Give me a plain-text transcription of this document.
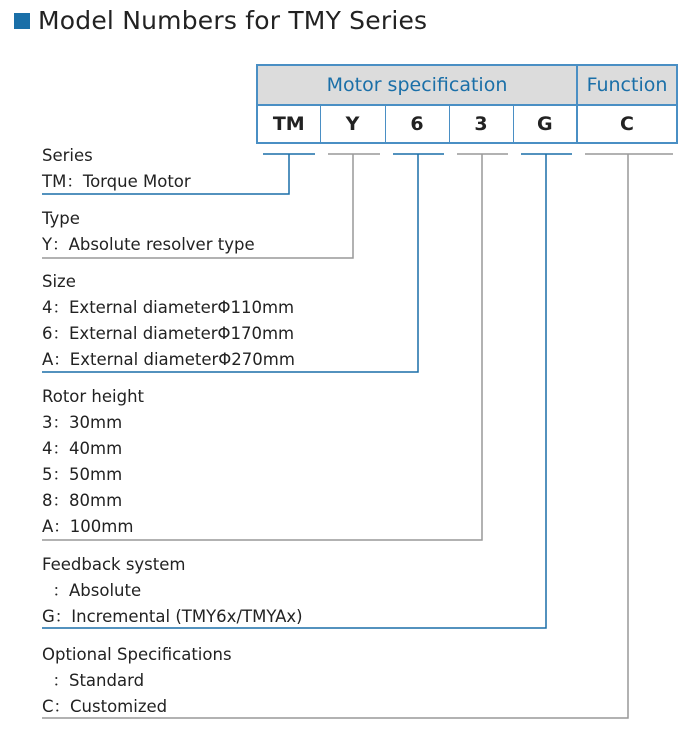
Model Numbers for TMY Series
Motor specification					Function
TM	Y	6	3	G	C
Series
TM：Torque Motor
Type
Y：Absolute resolver type
Size
4：External diameterΦ110mm
6：External diameterΦ170mm
A：External diameterΦ270mm
Rotor height
3：30mm
4：40mm
5：50mm
8：80mm
A：100mm
Feedback system
：Absolute
G：Incremental (TMY6x/TMYAx)
Optional Specifications
：Standard
C：Customized
